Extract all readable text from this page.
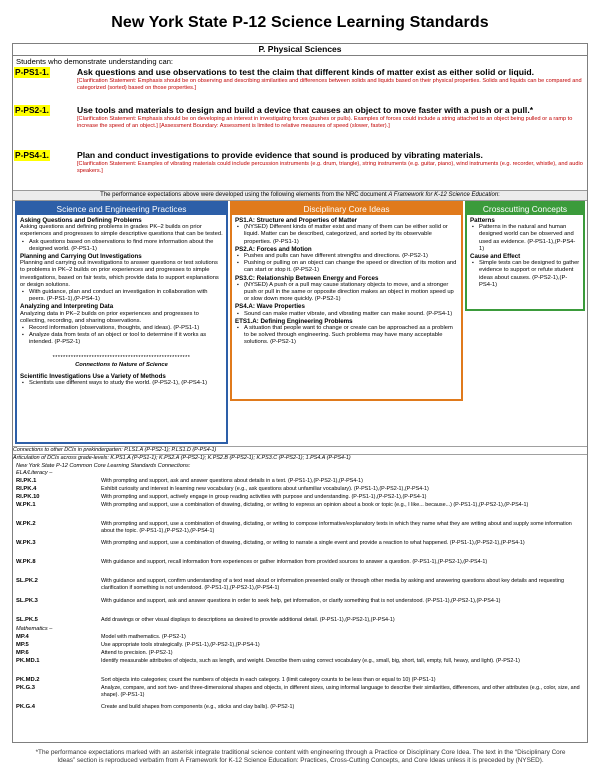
New York State P-12 Science Learning Standards
P. Physical Sciences
Students who demonstrate understanding can:
P-PS1-1.	Ask questions and use observations to test the claim that different kinds of matter exist as either solid or liquid.
[Clarification Statement: Emphasis should be on observing and describing similarities and differences between solids and liquids based on their physical properties. Solids and liquids can be compared and categorized (sorted) based on those properties.]
P-PS2-1.	Use tools and materials to design and build a device that causes an object to move faster with a push or a pull.*
[Clarification Statement: Emphasis should be on developing an interest in investigating forces (pushes or pulls). Examples of forces could include a string attached to an object being pulled or a ramp to increase the speed of an object.] [Assessment Boundary: Assessment is limited to relative measures of speed (slower, faster).]
P-PS4-1.	Plan and conduct investigations to provide evidence that sound is produced by vibrating materials.
[Clarification Statement: Examples of vibrating materials could include percussion instruments (e.g. drum, triangle), string instruments (e.g. guitar, piano), wind instruments (e.g. recorder, whistle), and audio speakers.]
The performance expectations above were developed using the following elements from the NRC document A Framework for K-12 Science Education:
Science and Engineering Practices
Asking Questions and Defining Problems
Asking questions and defining problems in grades PK–2 builds on prior experiences and progresses to simple descriptive questions that can be tested.
▪ Ask questions based on observations to find more information about the designed world. (P-PS1-1)
Planning and Carrying Out Investigations
Planning and carrying out investigations to answer questions or test solutions to problems in PK–2 builds on prior experiences and progresses to simple investigations, based on fair tests, which provide data to support explanations or design solutions.
▪ With guidance, plan and conduct an investigation in collaboration with peers. (P-PS1-1),(P-PS4-1)
Analyzing and Interpreting Data
Analyzing data in PK–2 builds on prior experiences and progresses to collecting, recording, and sharing observations.
▪ Record information (observations, thoughts, and ideas). (P-PS1-1)
▪ Analyze data from tests of an object or tool to determine if it works as intended. (P-PS2-1)
*****************************************************
Connections to Nature of Science
Scientific Investigations Use a Variety of Methods
▪ Scientists use different ways to study the world. (P-PS2-1), (P-PS4-1)
Disciplinary Core Ideas
PS1.A: Structure and Properties of Matter
▪ (NYSED) Different kinds of matter exist and many of them can be either solid or liquid. Matter can be described, categorized, and sorted by its observable properties. (P-PS1-1)
PS2.A: Forces and Motion
▪ Pushes and pulls can have different strengths and directions. (P-PS2-1)
▪ Pushing or pulling on an object can change the speed or direction of its motion and can start or stop it. (P-PS2-1)
PS3.C: Relationship Between Energy and Forces
▪ (NYSED) A push or a pull may cause stationary objects to move, and a stronger push or pull in the same or opposite direction makes an object in motion speed up or slow down more quickly. (P-PS2-1)
PS4.A: Wave Properties
▪ Sound can make matter vibrate, and vibrating matter can make sound. (P-PS4-1)
ETS1.A: Defining Engineering Problems
▪ A situation that people want to change or create can be approached as a problem to be solved through engineering. Such problems may have many acceptable solutions. (P-PS2-1)
Crosscutting Concepts
Patterns
▪ Patterns in the natural and human designed world can be observed and used as evidence. (P-PS1-1),(P-PS4-1)
Cause and Effect
▪ Simple tests can be designed to gather evidence to support or refute student ideas about causes. (P-PS2-1),(P-PS4-1)
Connections to other DCIs in prekindergarten: P.LS1.A (P-PS2-1); P.LS1.D (P-PS4-1)
Articulation of DCIs across grade-levels: K.PS1.A (P-PS1-1); K.PS2.A (P-PS2-1); K.PS2.B (P-PS2-1); K.PS3.C (P-PS2-1); 1.PS4.A (P-PS4-1)
New York State P-12 Common Core Learning Standards Connections:
ELA/Literacy –
RI.PK.1	With prompting and support, ask and answer questions about details in a text. (P-PS1-1),(P-PS2-1),(P-PS4-1)
RI.PK.4	Exhibit curiosity and interest in learning new vocabulary (e.g., ask questions about unfamiliar vocabulary). (P-PS1-1),(P-PS2-1),(P-PS4-1)
RI.PK.10	With prompting and support, actively engage in group reading activities with purpose and understanding. (P-PS1-1),(P-PS2-1),(P-PS4-1)
W.PK.1	With prompting and support, use a combination of drawing, dictating, or writing to express an opinion about a book or topic (e.g., I like... because...) (P-PS1-1),(P-PS2-1),(P-PS4-1)
W.PK.2	With prompting and support, use a combination of drawing, dictating, or writing to compose informative/explanatory texts in which they name what they are writing about and supply some information about the topic. (P-PS1-1),(P-PS2-1),(P-PS4-1)
W.PK.3	With prompting and support, use a combination of drawing, dictating, or writing to narrate a single event and provide a reaction to what happened. (P-PS1-1),(P-PS2-1),(P-PS4-1)
W.PK.8	With guidance and support, recall information from experiences or gather information from provided sources to answer a question. (P-PS1-1),(P-PS2-1),(P-PS4-1)
SL.PK.2	With guidance and support, confirm understanding of a text read aloud or information presented orally or through other media by asking and answering questions about key details and requesting clarification if something is not understood. (P-PS1-1),(P-PS2-1),(P-PS4-1)
SL.PK.3	With guidance and support, ask and answer questions in order to seek help, get information, or clarify something that is not understood. (P-PS1-1),(P-PS2-1),(P-PS4-1)
SL.PK.5	Add drawings or other visual displays to descriptions as desired to provide additional detail. (P-PS1-1),(P-PS2-1),(P-PS4-1)
Mathematics –
MP.4	Model with mathematics. (P-PS2-1)
MP.5	Use appropriate tools strategically. (P-PS1-1),(P-PS2-1),(P-PS4-1)
MP.6	Attend to precision. (P-PS2-1)
PK.MD.1	Identify measurable attributes of objects, such as length, and weight. Describe them using correct vocabulary (e.g., small, big, short, tall, empty, full, heavy, and light). (P-PS2-1)
PK.MD.2	Sort objects into categories; count the numbers of objects in each category. 1 (limit category counts to be less than or equal to 10) (P-PS1-1)
PK.G.3	Analyze, compare, and sort two- and three-dimensional shapes and objects, in different sizes, using informal language to describe their similarities, differences, and other attributes (e.g., color, size, and shape). (P-PS1-1)
PK.G.4	Create and build shapes from components (e.g., sticks and clay balls). (P-PS2-1)
*The performance expectations marked with an asterisk integrate traditional science content with engineering through a Practice or Disciplinary Core Idea. The text in the “Disciplinary Core Ideas” section is reproduced verbatim from A Framework for K-12 Science Education: Practices, Cross-Cutting Concepts, and Core Ideas unless it is preceded by (NYSED).
